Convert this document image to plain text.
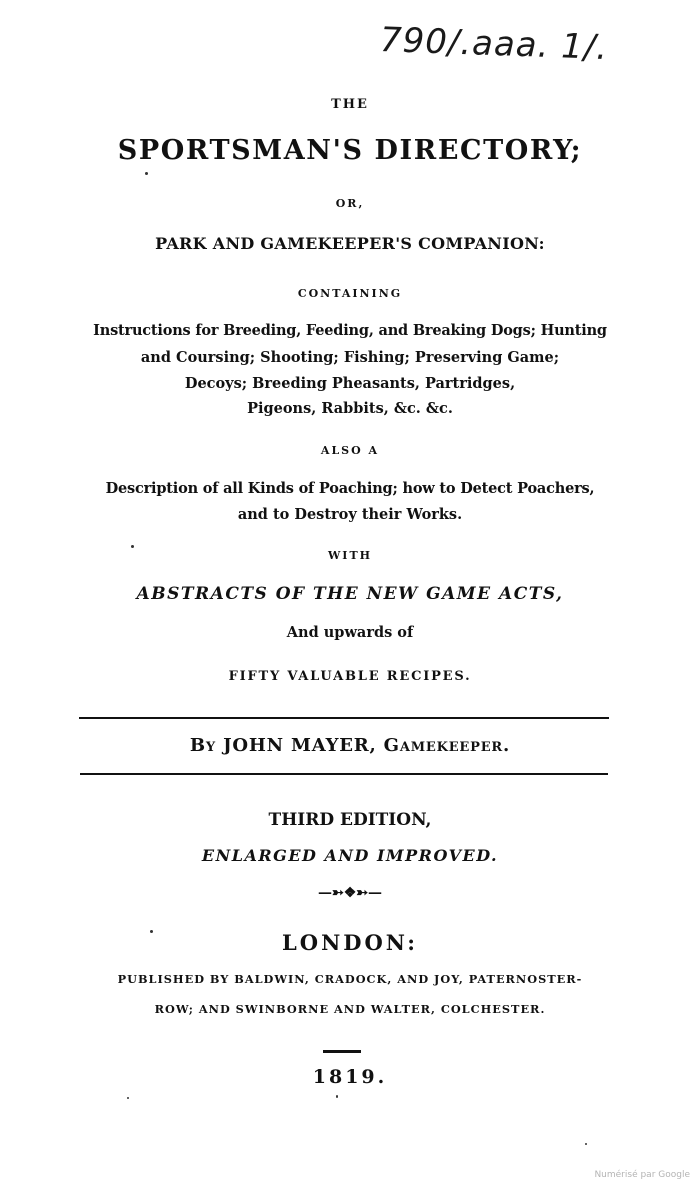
790/.aaa. 1/.
THE
SPORTSMAN'S DIRECTORY;
OR,
PARK AND GAMEKEEPER'S COMPANION:
CONTAINING
Instructions for Breeding, Feeding, and Breaking Dogs; Hunting
and Coursing; Shooting; Fishing; Preserving Game;
Decoys; Breeding Pheasants, Partridges,
Pigeons, Rabbits, &c. &c.
ALSO A
Description of all Kinds of Poaching; how to Detect Poachers,
and to Destroy their Works.
WITH
ABSTRACTS OF THE NEW GAME ACTS,
And upwards of
FIFTY VALUABLE RECIPES.
By JOHN MAYER, Gamekeeper.
THIRD EDITION,
ENLARGED AND IMPROVED.
—➳❖➳—
LONDON:
PUBLISHED BY BALDWIN, CRADOCK, AND JOY, PATERNOSTER-
ROW; AND SWINBORNE AND WALTER, COLCHESTER.
1819.
Numérisé par Google
